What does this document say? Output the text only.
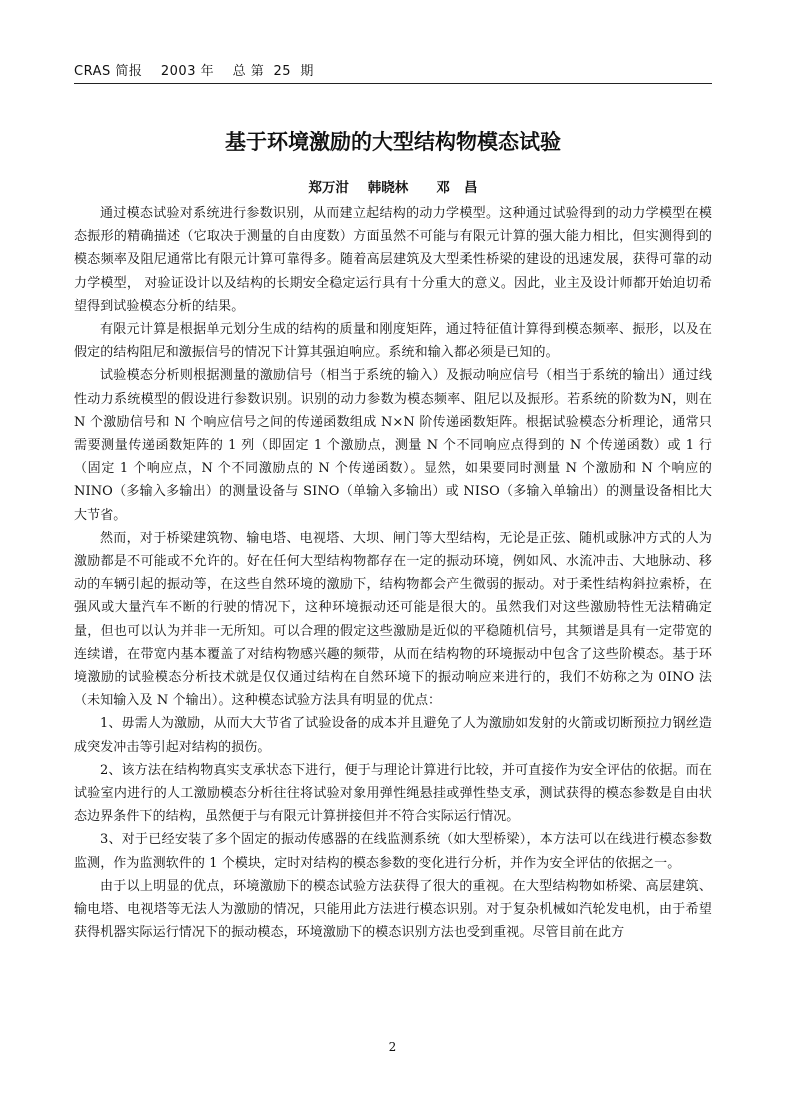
CRAS 简报    2003 年    总 第  25  期
基于环境激励的大型结构物模态试验
郑万泔    韩晓林      邓   昌

通过模态试验对系统进行参数识别，从而建立起结构的动力学模型。这种通过试验得到的动力学模型在模态振形的精确描述（它取决于测量的自由度数）方面虽然不可能与有限元计算的强大能力相比，但实测得到的模态频率及阻尼通常比有限元计算可靠得多。随着高层建筑及大型柔性桥梁的建设的迅速发展，获得可靠的动力学模型， 对验证设计以及结构的长期安全稳定运行具有十分重大的意义。因此，业主及设计师都开始迫切希望得到试验模态分析的结果。

有限元计算是根据单元划分生成的结构的质量和刚度矩阵，通过特征值计算得到模态频率、振形，以及在假定的结构阻尼和激振信号的情况下计算其强迫响应。系统和输入都必须是已知的。

试验模态分析则根据测量的激励信号（相当于系统的输入）及振动响应信号（相当于系统的输出）通过线性动力系统模型的假设进行参数识别。识别的动力参数为模态频率、阻尼以及振形。若系统的阶数为N，则在 N 个激励信号和 N 个响应信号之间的传递函数组成 N×N 阶传递函数矩阵。根据试验模态分析理论，通常只需要测量传递函数矩阵的 1 列（即固定 1 个激励点，测量 N 个不同响应点得到的 N 个传递函数）或 1 行（固定 1 个响应点，N 个不同激励点的 N 个传递函数）。显然，如果要同时测量 N 个激励和 N 个响应的 NINO（多输入多输出）的测量设备与 SINO（单输入多输出）或 NISO（多输入单输出）的测量设备相比大大节省。

然而，对于桥梁建筑物、输电塔、电视塔、大坝、闸门等大型结构，无论是正弦、随机或脉冲方式的人为激励都是不可能或不允许的。好在任何大型结构物都存在一定的振动环境，例如风、水流冲击、大地脉动、移动的车辆引起的振动等，在这些自然环境的激励下，结构物都会产生微弱的振动。对于柔性结构斜拉索桥，在强风或大量汽车不断的行驶的情况下，这种环境振动还可能是很大的。虽然我们对这些激励特性无法精确定量，但也可以认为并非一无所知。可以合理的假定这些激励是近似的平稳随机信号，其频谱是具有一定带宽的连续谱，在带宽内基本覆盖了对结构物感兴趣的频带，从而在结构物的环境振动中包含了这些阶模态。基于环境激励的试验模态分析技术就是仅仅通过结构在自然环境下的振动响应来进行的，我们不妨称之为 0INO 法（未知输入及 N 个输出）。这种模态试验方法具有明显的优点：

1、毋需人为激励，从而大大节省了试验设备的成本并且避免了人为激励如发射的火箭或切断预拉力钢丝造成突发冲击等引起对结构的损伤。

2、该方法在结构物真实支承状态下进行，便于与理论计算进行比较，并可直接作为安全评估的依据。而在试验室内进行的人工激励模态分析往往将试验对象用弹性绳悬挂或弹性垫支承，测试获得的模态参数是自由状态边界条件下的结构，虽然便于与有限元计算拼接但并不符合实际运行情况。

3、对于已经安装了多个固定的振动传感器的在线监测系统（如大型桥梁），本方法可以在线进行模态参数监测，作为监测软件的 1 个模块，定时对结构的模态参数的变化进行分析，并作为安全评估的依据之一。

由于以上明显的优点，环境激励下的模态试验方法获得了很大的重视。在大型结构物如桥梁、高层建筑、输电塔、电视塔等无法人为激励的情况，只能用此方法进行模态识别。对于复杂机械如汽轮发电机，由于希望获得机器实际运行情况下的振动模态，环境激励下的模态识别方法也受到重视。尽管目前在此方

2
